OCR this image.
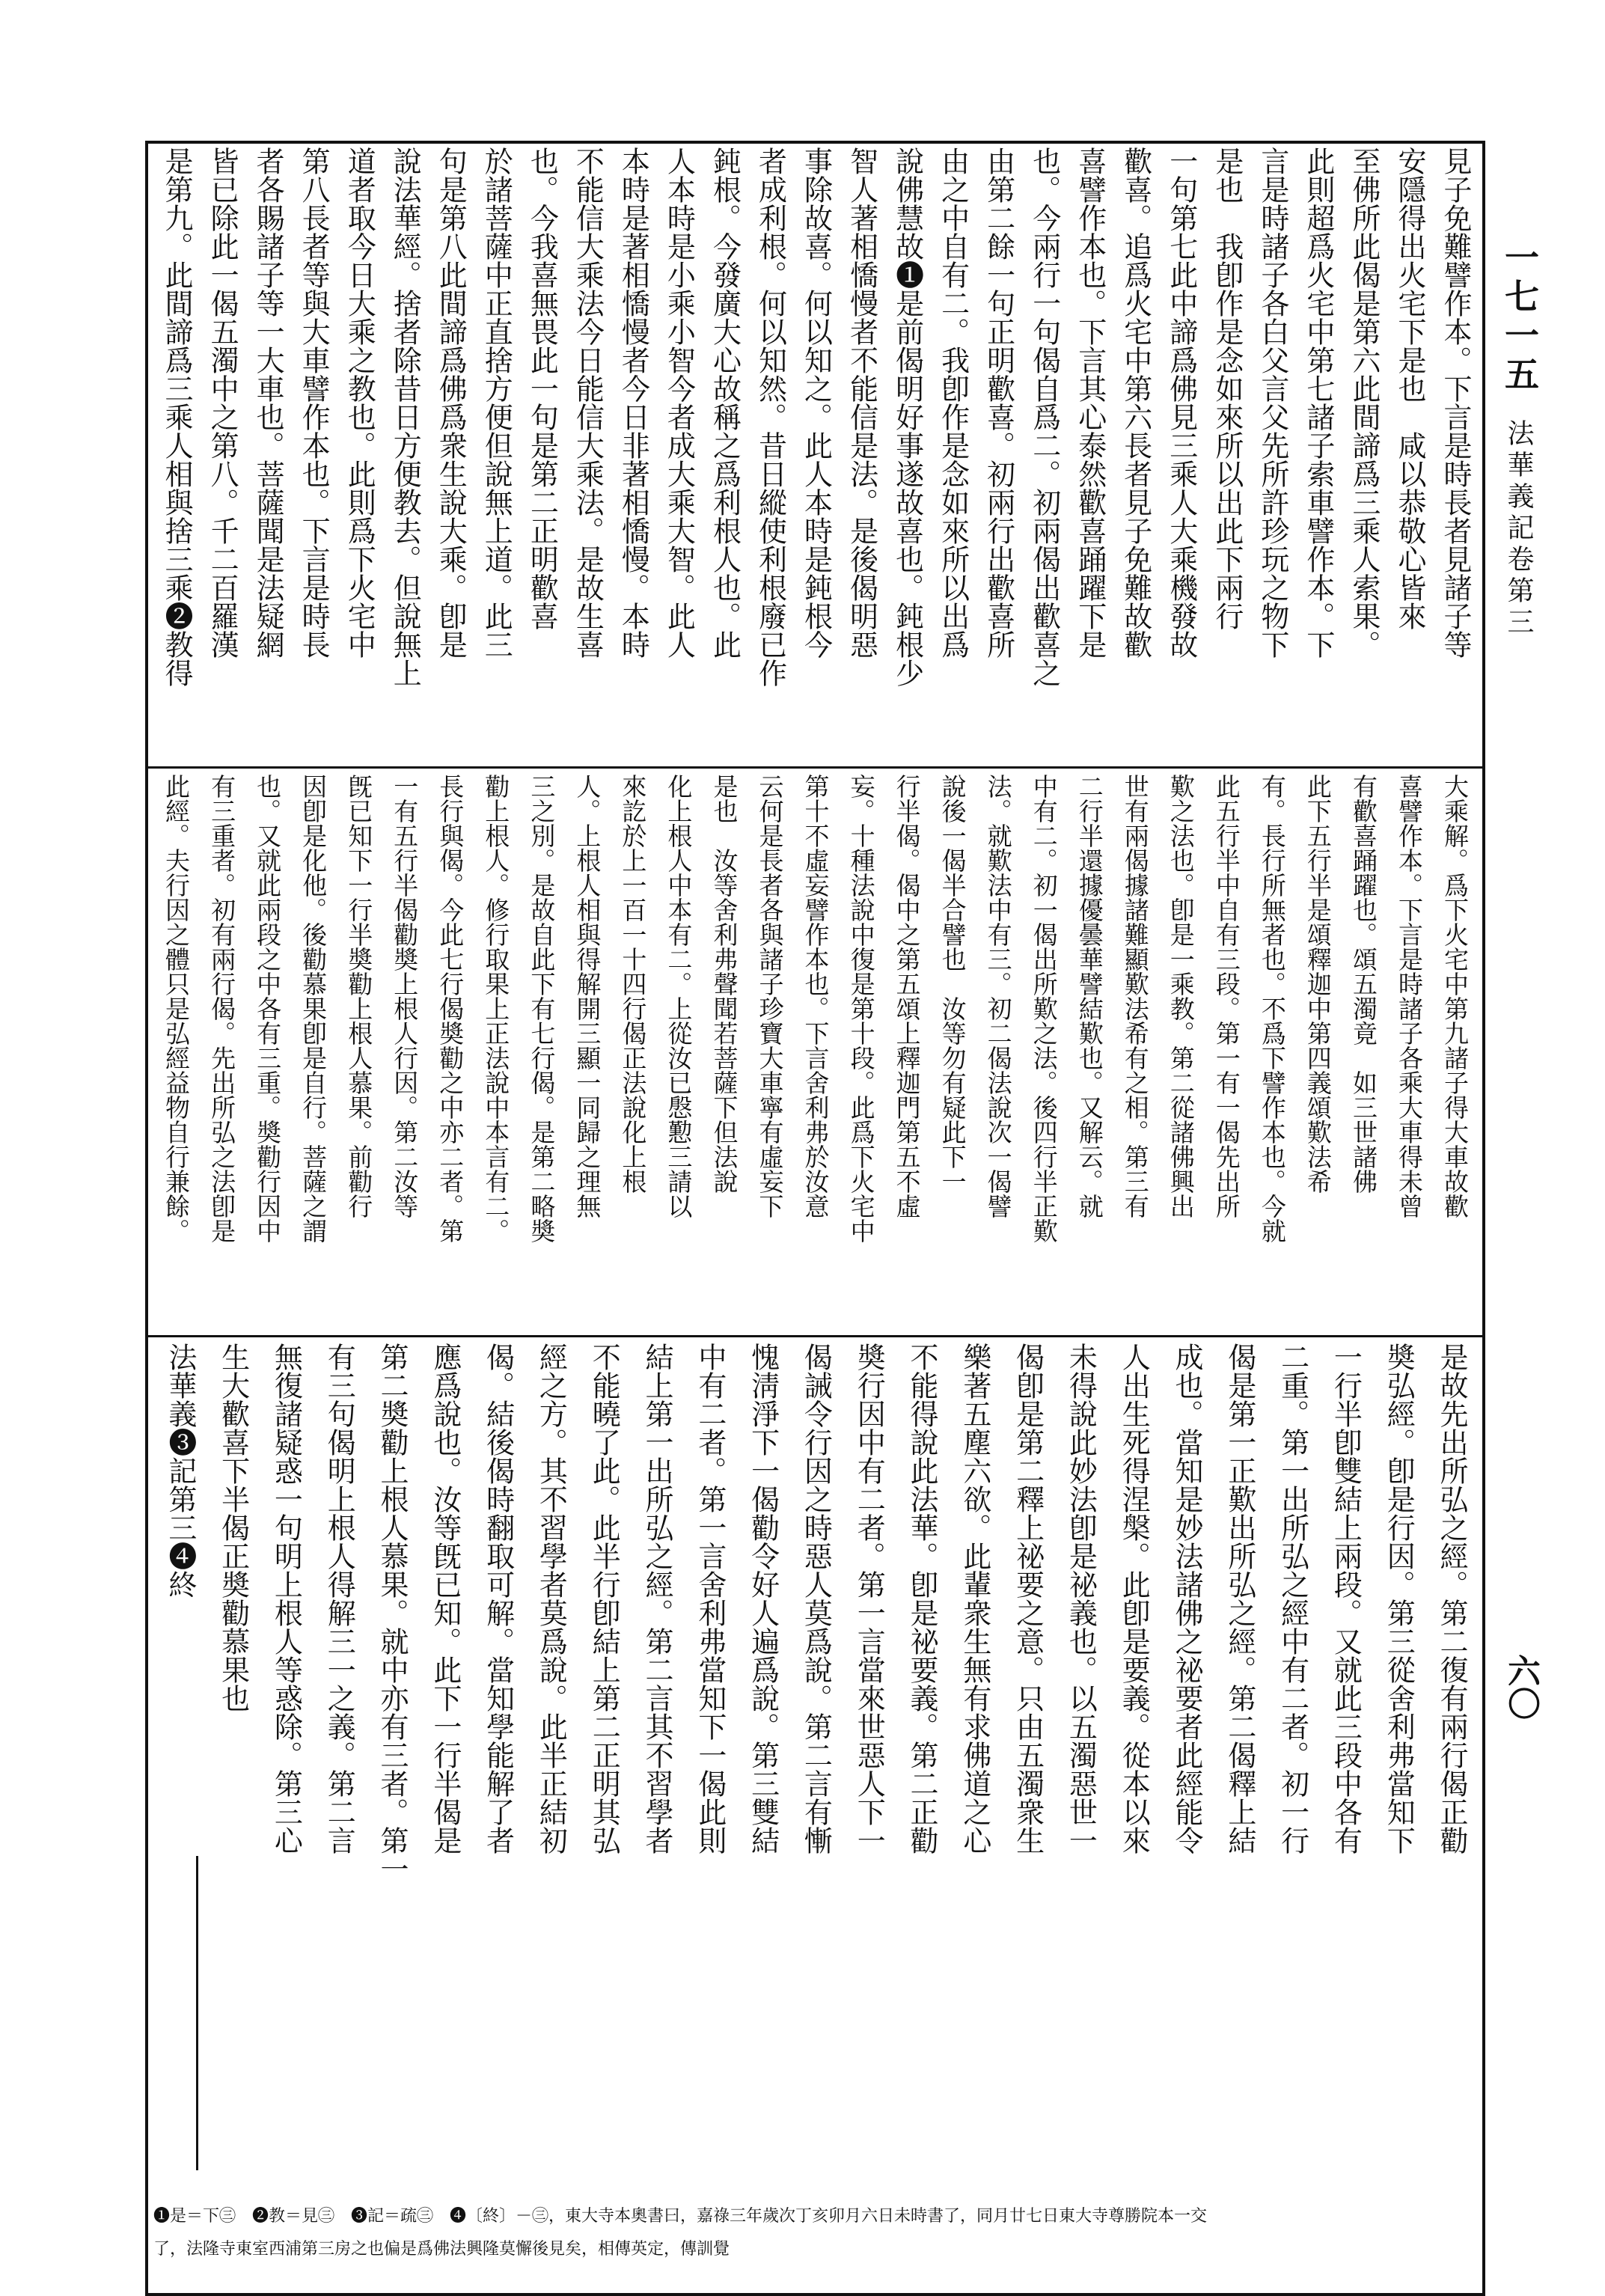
一七一五
法華義記卷第三
六〇
見子免難譬作本。下言是時長者見諸子等
安隱得出火宅下是也　咸以恭敬心皆來
至佛所此偈是第六此間諦爲三乘人索果。
此則超爲火宅中第七諸子索車譬作本。下
言是時諸子各白父言父先所許珍玩之物下
是也　我卽作是念如來所以出此下兩行
一句第七此中諦爲佛見三乘人大乘機發故
歡喜。追爲火宅中第六長者見子免難故歡
喜譬作本也。下言其心泰然歡喜踊躍下是
也。今兩行一句偈自爲二。初兩偈出歡喜之
由第二餘一句正明歡喜。初兩行出歡喜所
由之中自有二。我卽作是念如來所以出爲
說佛慧故❶是前偈明好事遂故喜也。鈍根少
智人著相憍慢者不能信是法。是後偈明惡
事除故喜。何以知之。此人本時是鈍根今
者成利根。何以知然。昔日縱使利根廢已作
鈍根。今發廣大心故稱之爲利根人也。此
人本時是小乘小智今者成大乘大智。此人
本時是著相憍慢者今日非著相憍慢。本時
不能信大乘法今日能信大乘法。是故生喜
也。今我喜無畏此一句是第二正明歡喜
於諸菩薩中正直捨方便但說無上道。此三
句是第八此間諦爲佛爲衆生說大乘。卽是
說法華經。捨者除昔日方便教去。但說無上
道者取今日大乘之教也。此則爲下火宅中
第八長者等與大車譬作本也。下言是時長
者各賜諸子等一大車也。菩薩聞是法疑網
皆已除此一偈五濁中之第八。千二百羅漢
是第九。此間諦爲三乘人相與捨三乘❷教得
大乘解。爲下火宅中第九諸子得大車故歡
喜譬作本。下言是時諸子各乘大車得未曾
有歡喜踊躍也。頌五濁竟　如三世諸佛
此下五行半是頌釋迦中第四義頌歎法希
有。長行所無者也。不爲下譬作本也。今就
此五行半中自有三段。第一有一偈先出所
歎之法也。卽是一乘教。第二從諸佛興出
世有兩偈據諸難顯歎法希有之相。第三有
二行半還據優曇華譬結歎也。又解云。就
中有二。初一偈出所歎之法。後四行半正歎
法。就歎法中有三。初二偈法說次一偈譬
說後一偈半合譬也　汝等勿有疑此下一
行半偈。偈中之第五頌上釋迦門第五不虛
妄。十種法說中復是第十段。此爲下火宅中
第十不虛妄譬作本也。下言舍利弗於汝意
云何是長者各與諸子珍寶大車寧有虛妄下
是也　汝等舍利弗聲聞若菩薩下但法說
化上根人中本有二。上從汝已慇懃三請以
來訖於上一百一十四行偈正法說化上根
人。上根人相與得解開三顯一同歸之理無
三之別。是故自此下有七行偈。是第二略奬
勸上根人。修行取果上正法說中本言有二。
長行與偈。今此七行偈奬勸之中亦二者。第
一有五行半偈勸奬上根人行因。第二汝等
旣已知下一行半奬勸上根人慕果。前勸行
因卽是化他。後勸慕果卽是自行。菩薩之謂
也。又就此兩段之中各有三重。奬勸行因中
有三重者。初有兩行偈。先出所弘之法卽是
此經。夫行因之體只是弘經益物自行兼餘。
是故先出所弘之經。第二復有兩行偈正勸
奬弘經。卽是行因。第三從舍利弗當知下
一行半卽雙結上兩段。又就此三段中各有
二重。第一出所弘之經中有二者。初一行
偈是第一正歎出所弘之經。第二偈釋上結
成也。當知是妙法諸佛之祕要者此經能令
人出生死得涅槃。此卽是要義。從本以來
未得說此妙法卽是祕義也。以五濁惡世一
偈卽是第二釋上祕要之意。只由五濁衆生
樂著五塵六欲。此輩衆生無有求佛道之心
不能得說此法華。卽是祕要義。第二正勸
奬行因中有二者。第一言當來世惡人下一
偈誡令行因之時惡人莫爲說。第二言有慚
愧淸淨下一偈勸令好人遍爲說。第三雙結
中有二者。第一言舍利弗當知下一偈此則
結上第一出所弘之經。第二言其不習學者
不能曉了此。此半行卽結上第二正明其弘
經之方。其不習學者莫爲說。此半正結初
偈。結後偈時翻取可解。當知學能解了者
應爲說也。汝等旣已知。此下一行半偈是
第二奬勸上根人慕果。就中亦有三者。第一
有三句偈明上根人得解三一之義。第二言
無復諸疑惑一句明上根人等惑除。第三心
生大歡喜下半偈正奬勸慕果也
法華義❸記第三❹終
❶是＝下㊂　❷教＝見㊂　❸記＝疏㊂　❹〔終〕－㊂，東大寺本奧書曰，嘉祿三年歲次丁亥卯月六日未時書了，同月廿七日東大寺尊勝院本一交
了，法隆寺東室西浦第三房之也偏是爲佛法興隆莫懈後見矣，相傳英定，傳訓覺
